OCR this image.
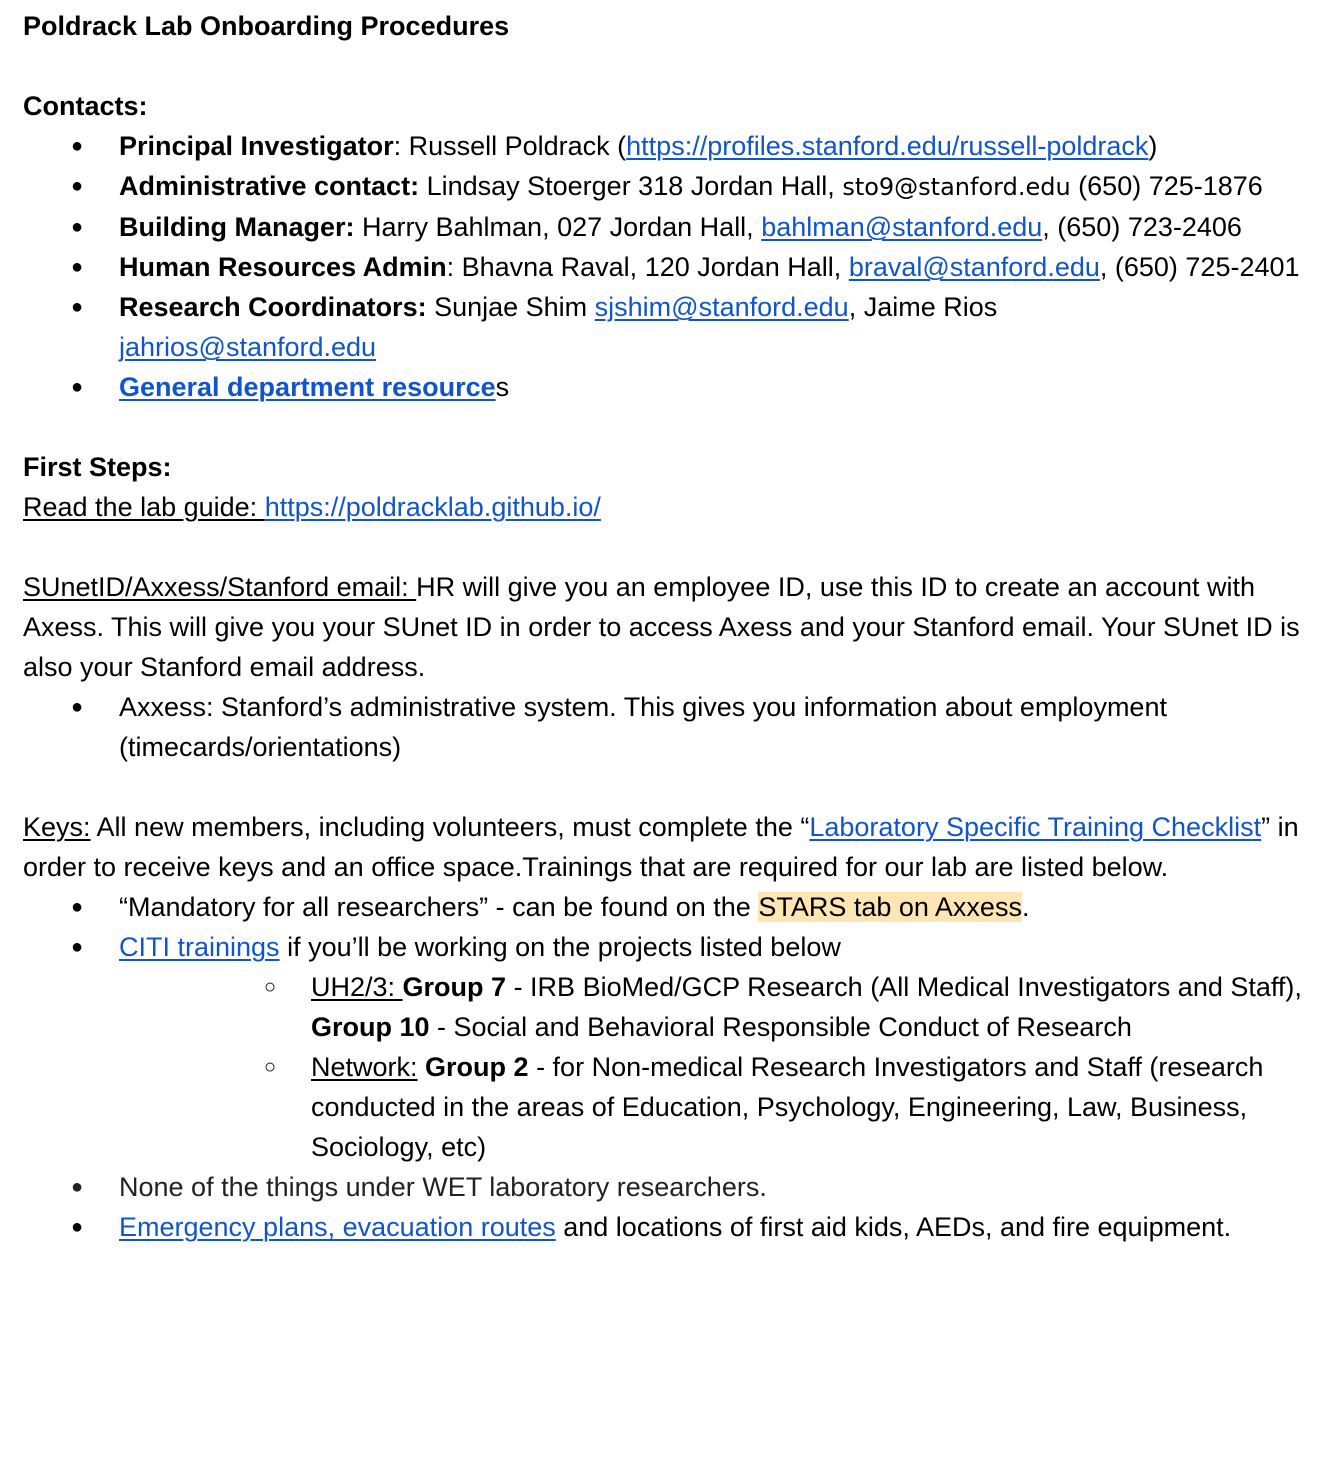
Poldrack Lab Onboarding Procedures

Contacts:

● Principal Investigator: Russell Poldrack (https://profiles.stanford.edu/russell-poldrack)
● Administrative contact: Lindsay Stoerger 318 Jordan Hall, sto9@stanford.edu (650) 725-1876
● Building Manager: Harry Bahlman, 027 Jordan Hall, bahlman@stanford.edu, (650) 723-2406
● Human Resources Admin: Bhavna Raval, 120 Jordan Hall, braval@stanford.edu, (650) 725-2401
● Research Coordinators: Sunjae Shim sjshim@stanford.edu, Jaime Rios
jahrios@stanford.edu
● General department resources

First Steps:

Read the lab guide: https://poldracklab.github.io/

SUnetID/Axxess/Stanford email: HR will give you an employee ID, use this ID to create an account with Axess. This will give you your SUnet ID in order to access Axess and your Stanford email. Your SUnet ID is also your Stanford email address.

● Axxess: Stanford’s administrative system. This gives you information about employment (timecards/orientations)

Keys: All new members, including volunteers, must complete the “Laboratory Specific Training Checklist” in order to receive keys and an office space.Trainings that are required for our lab are listed below.

● “Mandatory for all researchers” - can be found on the STARS tab on Axxess.
● CITI trainings if you’ll be working on the projects listed below
○ UH2/3: Group 7 - IRB BioMed/GCP Research (All Medical Investigators and Staff), Group 10 - Social and Behavioral Responsible Conduct of Research
○ Network: Group 2 - for Non-medical Research Investigators and Staff (research conducted in the areas of Education, Psychology, Engineering, Law, Business, Sociology, etc)
● None of the things under WET laboratory researchers.
● Emergency plans, evacuation routes and locations of first aid kids, AEDs, and fire equipment.
